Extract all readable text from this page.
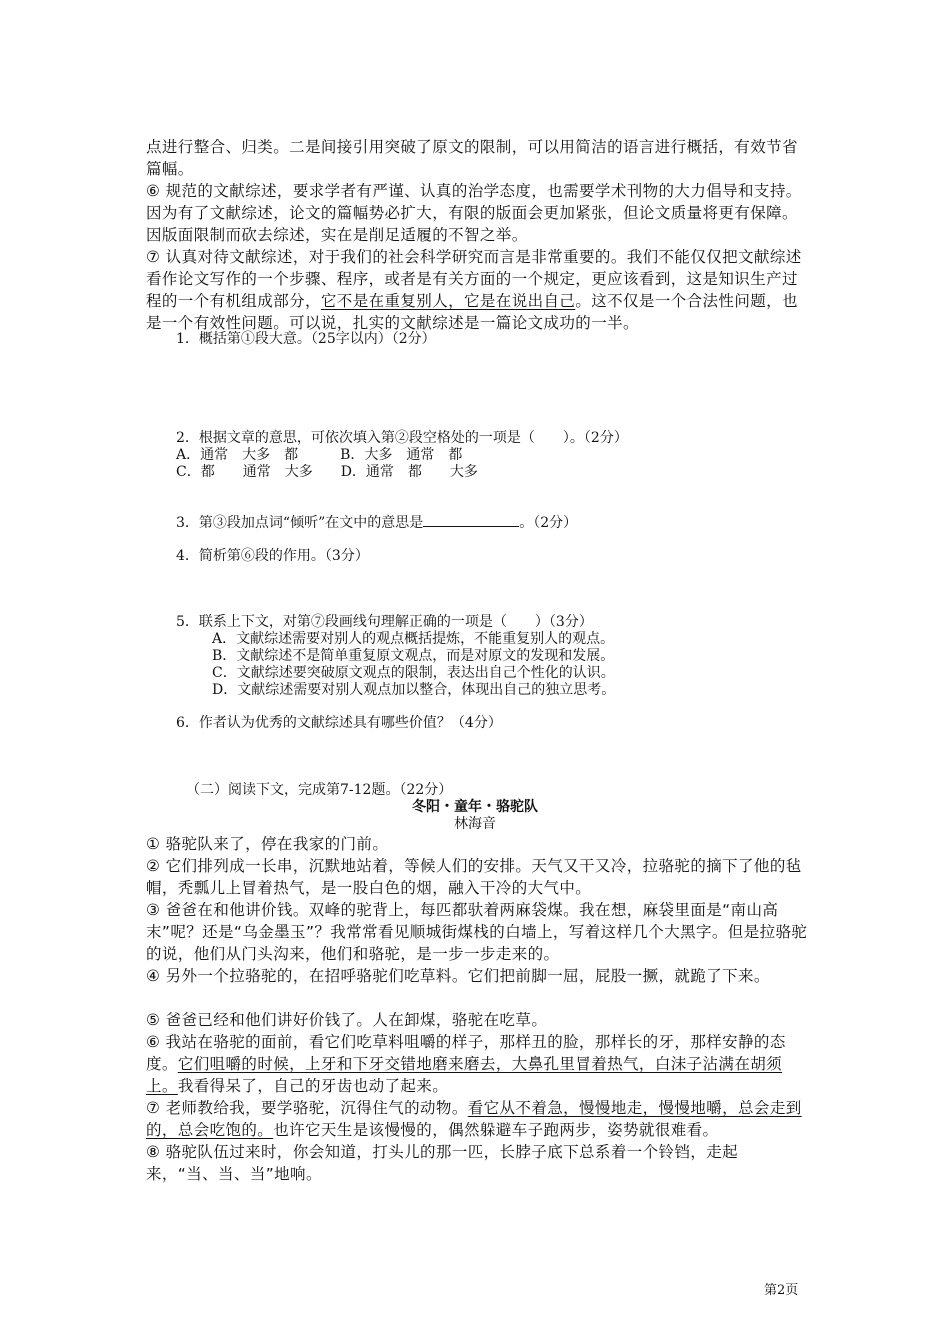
点进行整合、归类。二是间接引用突破了原文的限制，可以用简洁的语言进行概括，有效节省篇幅。
⑥ 规范的文献综述，要求学者有严谨、认真的治学态度，也需要学术刊物的大力倡导和支持。因为有了文献综述，论文的篇幅势必扩大，有限的版面会更加紧张，但论文质量将更有保障。因版面限制而砍去综述，实在是削足适履的不智之举。
⑦ 认真对待文献综述，对于我们的社会科学研究而言是非常重要的。我们不能仅仅把文献综述看作论文写作的一个步骤、程序，或者是有关方面的一个规定，更应该看到，这是知识生产过程的一个有机组成部分，它不是在重复别人，它是在说出自己。这不仅是一个合法性问题，也是一个有效性问题。可以说，扎实的文献综述是一篇论文成功的一半。
1．概括第①段大意。（25字以内）（2分）
2．根据文章的意思，可依次填入第②段空格处的一项是（　　）。（2分）
A．通常　大多　都　　　B．大多　通常　都
C．都　　通常　大多　　D．通常　都　　大多
3．第③段加点词“倾听”在文中的意思是	。（2分）
4．简析第⑥段的作用。（3分）
5．联系上下文，对第⑦段画线句理解正确的一项是（　　）（3分）
A．文献综述需要对别人的观点概括提炼，不能重复别人的观点。
B．文献综述不是简单重复原文观点，而是对原文的发现和发展。
C．文献综述要突破原文观点的限制，表达出自己个性化的认识。
D．文献综述需要对别人观点加以整合，体现出自己的独立思考。
6．作者认为优秀的文献综述具有哪些价值？（4分）
（二）阅读下文，完成第7-12题。（22分）
冬阳・童年・骆驼队
林海音
① 骆驼队来了，停在我家的门前。
② 它们排列成一长串，沉默地站着，等候人们的安排。天气又干又冷，拉骆驼的摘下了他的毡帽，秃瓢儿上冒着热气，是一股白色的烟，融入干冷的大气中。
③ 爸爸在和他讲价钱。双峰的驼背上，每匹都驮着两麻袋煤。我在想，麻袋里面是“南山高末”呢？还是“乌金墨玉”？我常常看见顺城街煤栈的白墙上，写着这样几个大黑字。但是拉骆驼的说，他们从门头沟来，他们和骆驼，是一步一步走来的。
④ 另外一个拉骆驼的，在招呼骆驼们吃草料。它们把前脚一屈，屁股一撅，就跪了下来。
⑤ 爸爸已经和他们讲好价钱了。人在卸煤，骆驼在吃草。
⑥ 我站在骆驼的面前，看它们吃草料咀嚼的样子，那样丑的脸，那样长的牙，那样安静的态度。它们咀嚼的时候，上牙和下牙交错地磨来磨去，大鼻孔里冒着热气，白沫子沾满在胡须上。我看得呆了，自己的牙齿也动了起来。
⑦ 老师教给我，要学骆驼，沉得住气的动物。看它从不着急，慢慢地走，慢慢地嚼，总会走到的，总会吃饱的。也许它天生是该慢慢的，偶然躲避车子跑两步，姿势就很难看。
⑧ 骆驼队伍过来时，你会知道，打头儿的那一匹，长脖子底下总系着一个铃铛，走起来，“当、当、当”地响。
第2页
